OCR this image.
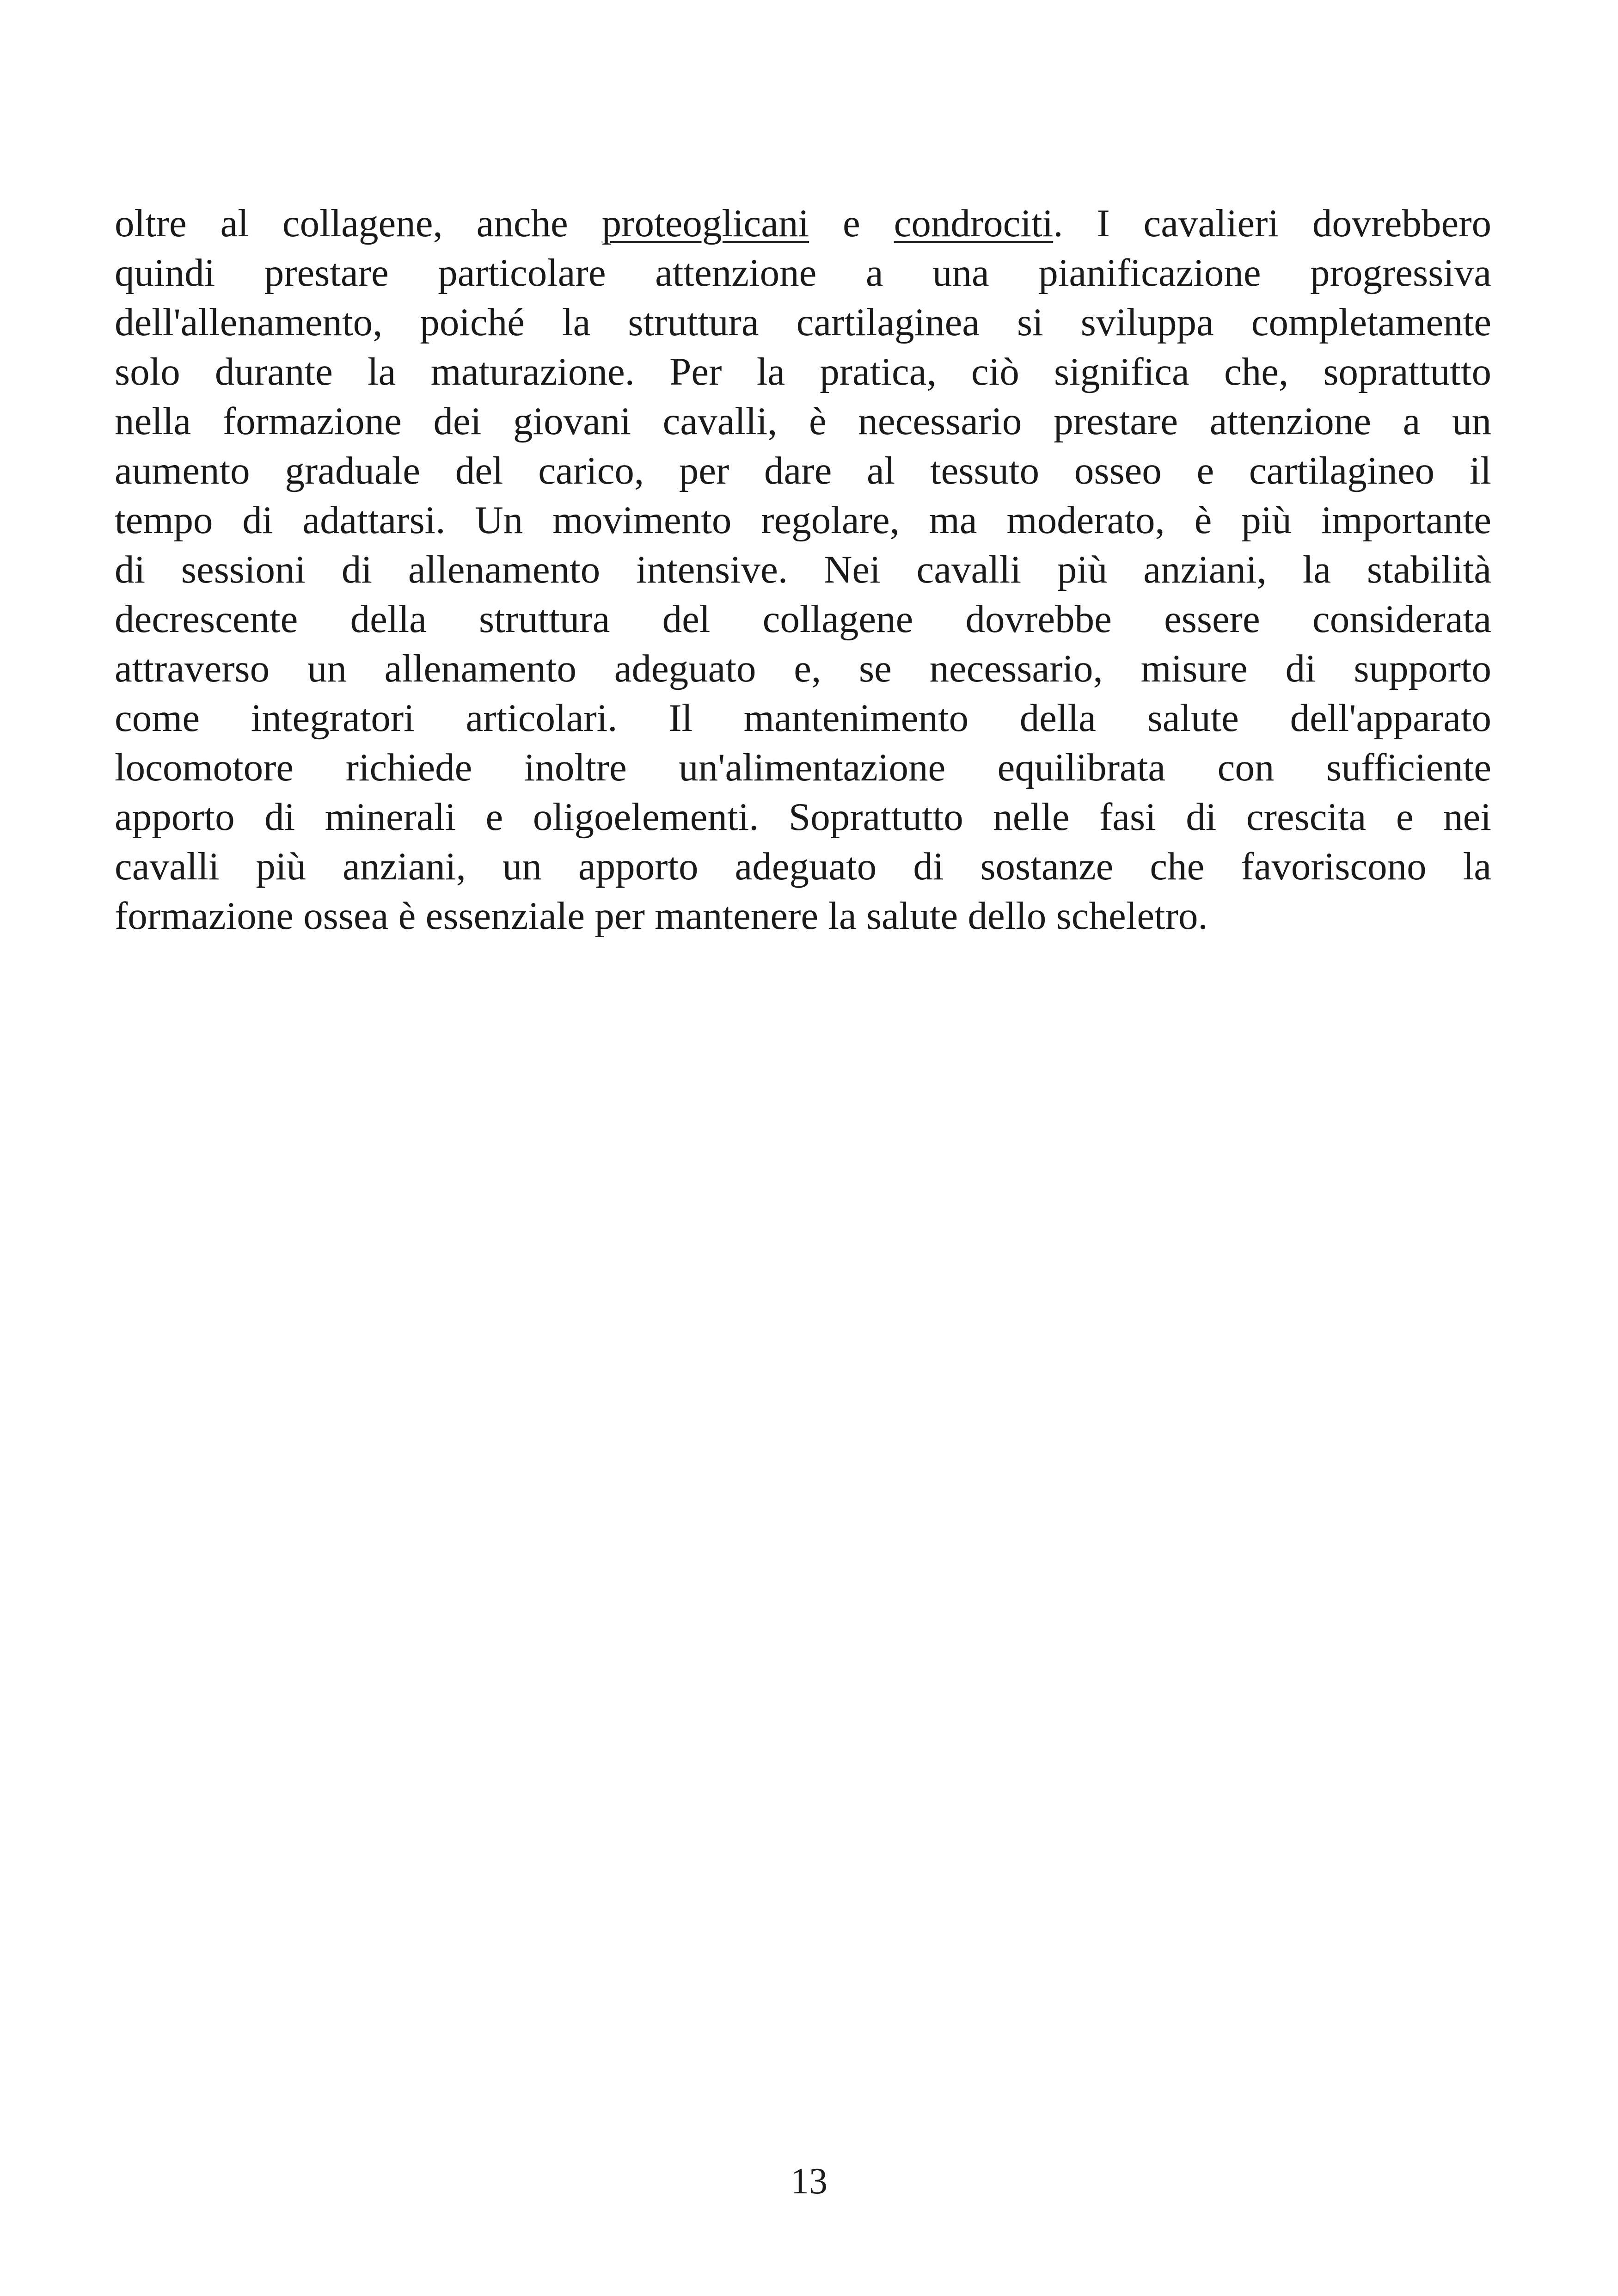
oltre al collagene, anche proteoglicani e condrociti. I cavalieri dovrebbero
quindi prestare particolare attenzione a una pianificazione progressiva
dell'allenamento, poiché la struttura cartilaginea si sviluppa completamente
solo durante la maturazione. Per la pratica, ciò significa che, soprattutto
nella formazione dei giovani cavalli, è necessario prestare attenzione a un
aumento graduale del carico, per dare al tessuto osseo e cartilagineo il
tempo di adattarsi. Un movimento regolare, ma moderato, è più importante
di sessioni di allenamento intensive. Nei cavalli più anziani, la stabilità
decrescente della struttura del collagene dovrebbe essere considerata
attraverso un allenamento adeguato e, se necessario, misure di supporto
come integratori articolari. Il mantenimento della salute dell'apparato
locomotore richiede inoltre un'alimentazione equilibrata con sufficiente
apporto di minerali e oligoelementi. Soprattutto nelle fasi di crescita e nei
cavalli più anziani, un apporto adeguato di sostanze che favoriscono la
formazione ossea è essenziale per mantenere la salute dello scheletro.
13
